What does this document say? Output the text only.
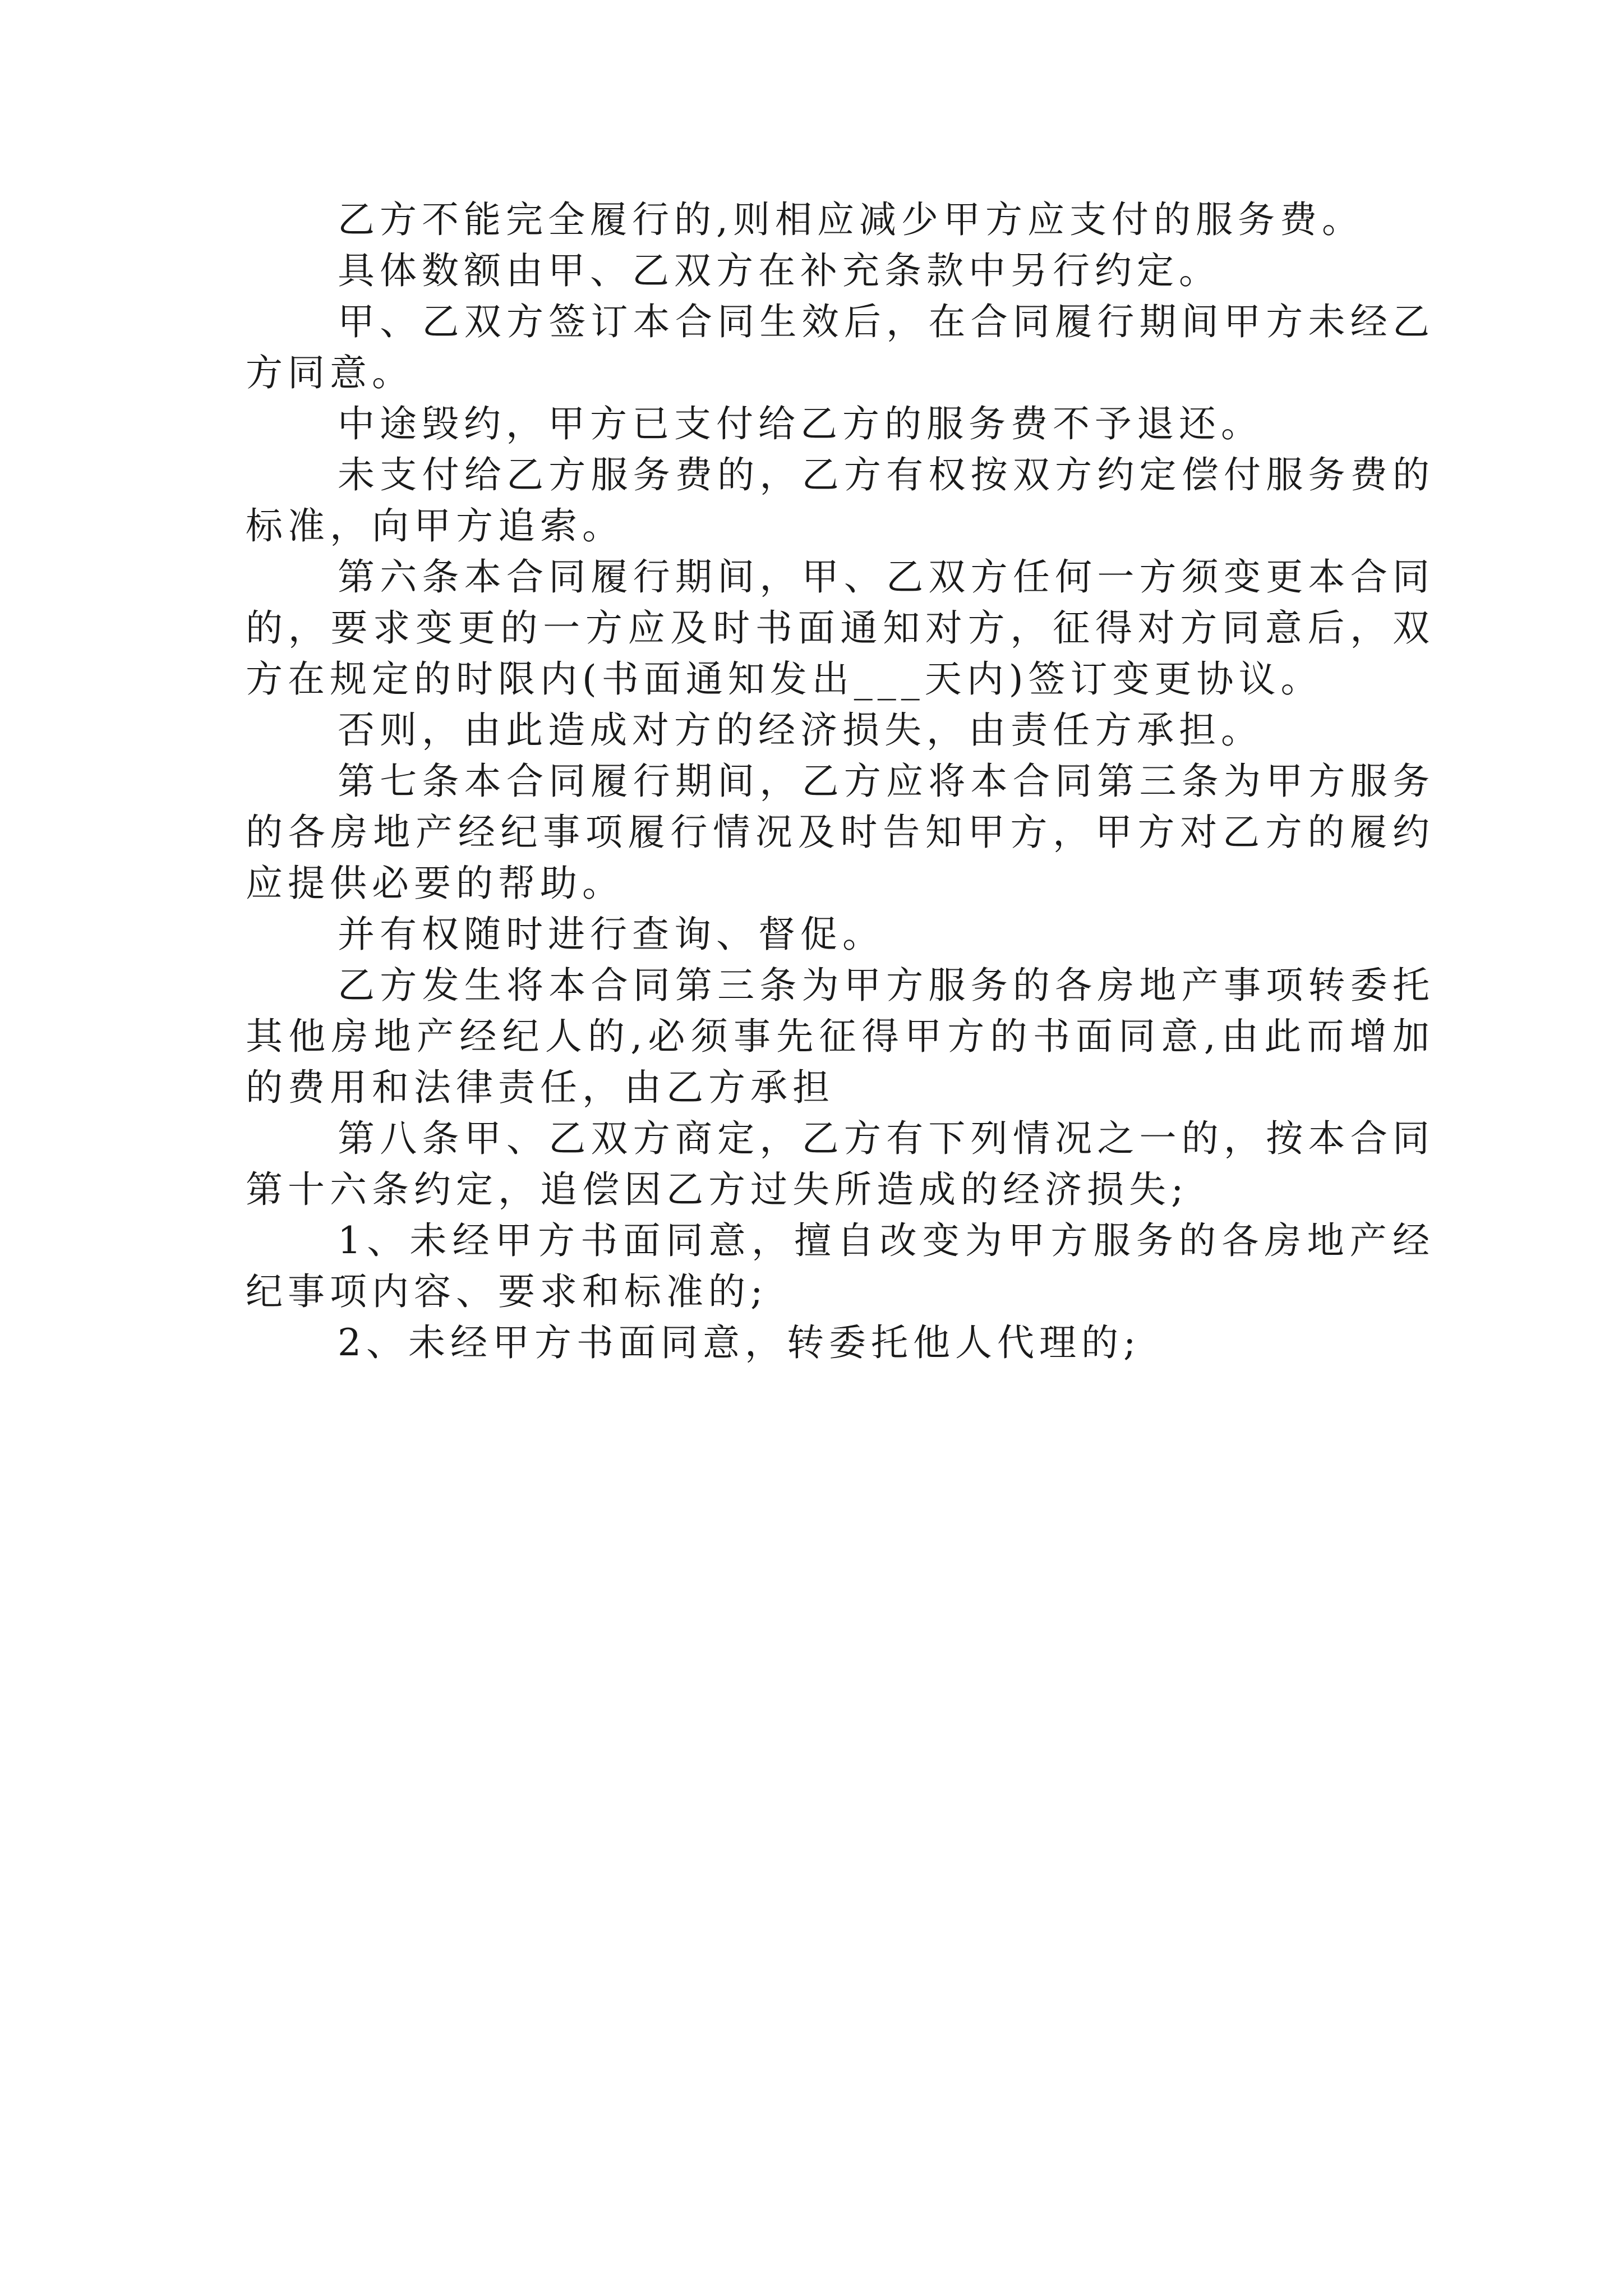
乙方不能完全履行的,则相应减少甲方应支付的服务费。

具体数额由甲、乙双方在补充条款中另行约定。

甲、乙双方签订本合同生效后，在合同履行期间甲方未经乙方同意。

中途毁约，甲方已支付给乙方的服务费不予退还。

未支付给乙方服务费的，乙方有权按双方约定偿付服务费的标准，向甲方追索。

第六条本合同履行期间，甲、乙双方任何一方须变更本合同的，要求变更的一方应及时书面通知对方，征得对方同意后，双方在规定的时限内(书面通知发出___天内)签订变更协议。

否则，由此造成对方的经济损失，由责任方承担。

第七条本合同履行期间，乙方应将本合同第三条为甲方服务的各房地产经纪事项履行情况及时告知甲方，甲方对乙方的履约应提供必要的帮助。

并有权随时进行查询、督促。

乙方发生将本合同第三条为甲方服务的各房地产事项转委托其他房地产经纪人的,必须事先征得甲方的书面同意,由此而增加的费用和法律责任，由乙方承担

第八条甲、乙双方商定，乙方有下列情况之一的，按本合同第十六条约定，追偿因乙方过失所造成的经济损失;

1、未经甲方书面同意，擅自改变为甲方服务的各房地产经纪事项内容、要求和标准的;

2、未经甲方书面同意，转委托他人代理的;
